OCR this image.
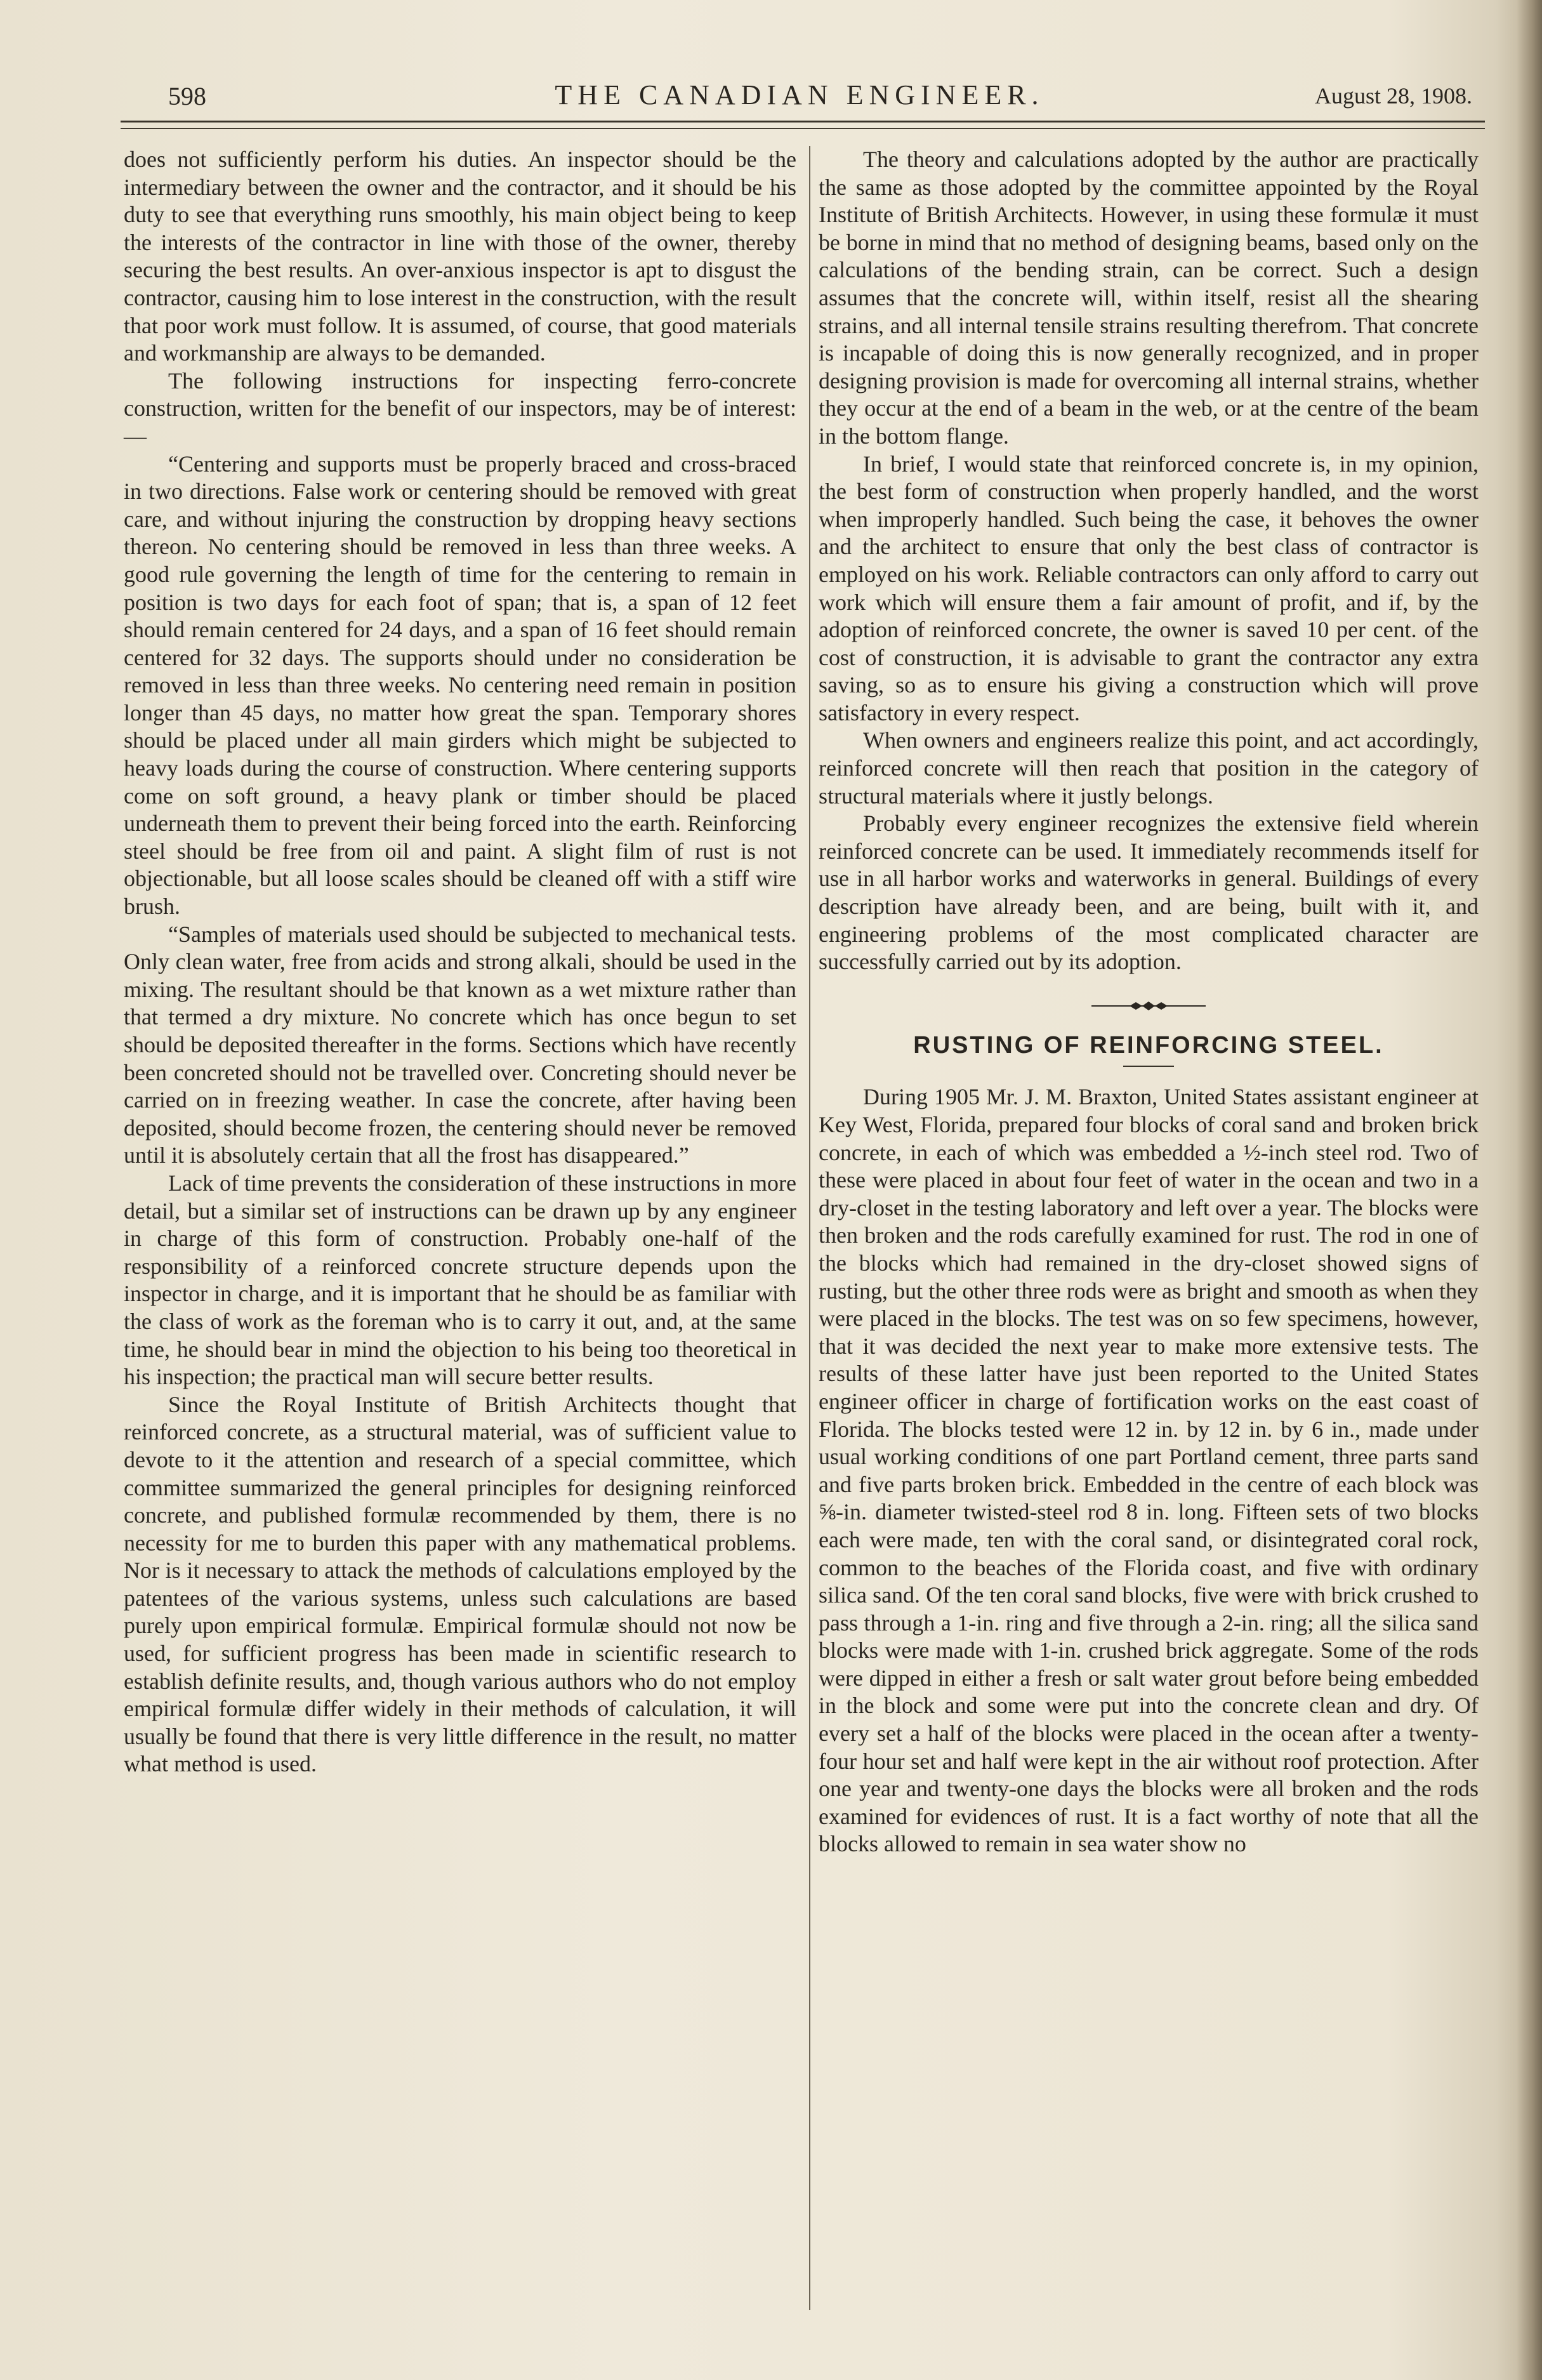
598	THE CANADIAN ENGINEER.	August 28, 1908.

does not sufficiently perform his duties. An inspector should be the intermediary between the owner and the contractor, and it should be his duty to see that everything runs smoothly, his main object being to keep the interests of the contractor in line with those of the owner, thereby securing the best results. An over-anxious inspector is apt to disgust the contractor, causing him to lose interest in the construction, with the result that poor work must follow. It is assumed, of course, that good materials and workmanship are always to be demanded.

The following instructions for inspecting ferro-concrete construction, written for the benefit of our inspectors, may be of interest:—

“Centering and supports must be properly braced and cross-braced in two directions. False work or centering should be removed with great care, and without injuring the construction by dropping heavy sections thereon. No centering should be removed in less than three weeks. A good rule governing the length of time for the centering to remain in position is two days for each foot of span; that is, a span of 12 feet should remain centered for 24 days, and a span of 16 feet should remain centered for 32 days. The supports should under no consideration be removed in less than three weeks. No centering need remain in position longer than 45 days, no matter how great the span. Temporary shores should be placed under all main girders which might be subjected to heavy loads during the course of construction. Where centering supports come on soft ground, a heavy plank or timber should be placed underneath them to prevent their being forced into the earth. Reinforcing steel should be free from oil and paint. A slight film of rust is not objectionable, but all loose scales should be cleaned off with a stiff wire brush.

“Samples of materials used should be subjected to mechanical tests. Only clean water, free from acids and strong alkali, should be used in the mixing. The resultant should be that known as a wet mixture rather than that termed a dry mixture. No concrete which has once begun to set should be deposited thereafter in the forms. Sections which have recently been concreted should not be travelled over. Concreting should never be carried on in freezing weather. In case the concrete, after having been deposited, should become frozen, the centering should never be removed until it is absolutely certain that all the frost has disappeared.”

Lack of time prevents the consideration of these instructions in more detail, but a similar set of instructions can be drawn up by any engineer in charge of this form of construction. Probably one-half of the responsibility of a reinforced concrete structure depends upon the inspector in charge, and it is important that he should be as familiar with the class of work as the foreman who is to carry it out, and, at the same time, he should bear in mind the objection to his being too theoretical in his inspection; the practical man will secure better results.

Since the Royal Institute of British Architects thought that reinforced concrete, as a structural material, was of sufficient value to devote to it the attention and research of a special committee, which committee summarized the general principles for designing reinforced concrete, and published formulæ recommended by them, there is no necessity for me to burden this paper with any mathematical problems. Nor is it necessary to attack the methods of calculations employed by the patentees of the various systems, unless such calculations are based purely upon empirical formulæ. Empirical formulæ should not now be used, for sufficient progress has been made in scientific research to establish definite results, and, though various authors who do not employ empirical formulæ differ widely in their methods of calculation, it will usually be found that there is very little difference in the result, no matter what method is used.

The theory and calculations adopted by the author are practically the same as those adopted by the committee appointed by the Royal Institute of British Architects. However, in using these formulæ it must be borne in mind that no method of designing beams, based only on the calculations of the bending strain, can be correct. Such a design assumes that the concrete will, within itself, resist all the shearing strains, and all internal tensile strains resulting therefrom. That concrete is incapable of doing this is now generally recognized, and in proper designing provision is made for overcoming all internal strains, whether they occur at the end of a beam in the web, or at the centre of the beam in the bottom flange.

In brief, I would state that reinforced concrete is, in my opinion, the best form of construction when properly handled, and the worst when improperly handled. Such being the case, it behoves the owner and the architect to ensure that only the best class of contractor is employed on his work. Reliable contractors can only afford to carry out work which will ensure them a fair amount of profit, and if, by the adoption of reinforced concrete, the owner is saved 10 per cent. of the cost of construction, it is advisable to grant the contractor any extra saving, so as to ensure his giving a construction which will prove satisfactory in every respect.

When owners and engineers realize this point, and act accordingly, reinforced concrete will then reach that position in the category of structural materials where it justly belongs.

Probably every engineer recognizes the extensive field wherein reinforced concrete can be used. It immediately recommends itself for use in all harbor works and waterworks in general. Buildings of every description have already been, and are being, built with it, and engineering problems of the most complicated character are successfully carried out by its adoption.

RUSTING OF REINFORCING STEEL.

During 1905 Mr. J. M. Braxton, United States assistant engineer at Key West, Florida, prepared four blocks of coral sand and broken brick concrete, in each of which was embedded a ½-inch steel rod. Two of these were placed in about four feet of water in the ocean and two in a dry-closet in the testing laboratory and left over a year. The blocks were then broken and the rods carefully examined for rust. The rod in one of the blocks which had remained in the dry-closet showed signs of rusting, but the other three rods were as bright and smooth as when they were placed in the blocks. The test was on so few specimens, however, that it was decided the next year to make more extensive tests. The results of these latter have just been reported to the United States engineer officer in charge of fortification works on the east coast of Florida. The blocks tested were 12 in. by 12 in. by 6 in., made under usual working conditions of one part Portland cement, three parts sand and five parts broken brick. Embedded in the centre of each block was ⅝-in. diameter twisted-steel rod 8 in. long. Fifteen sets of two blocks each were made, ten with the coral sand, or disintegrated coral rock, common to the beaches of the Florida coast, and five with ordinary silica sand. Of the ten coral sand blocks, five were with brick crushed to pass through a 1-in. ring and five through a 2-in. ring; all the silica sand blocks were made with 1-in. crushed brick aggregate. Some of the rods were dipped in either a fresh or salt water grout before being embedded in the block and some were put into the concrete clean and dry. Of every set a half of the blocks were placed in the ocean after a twenty-four hour set and half were kept in the air without roof protection. After one year and twenty-one days the blocks were all broken and the rods examined for evidences of rust. It is a fact worthy of note that all the blocks allowed to remain in sea water show no
